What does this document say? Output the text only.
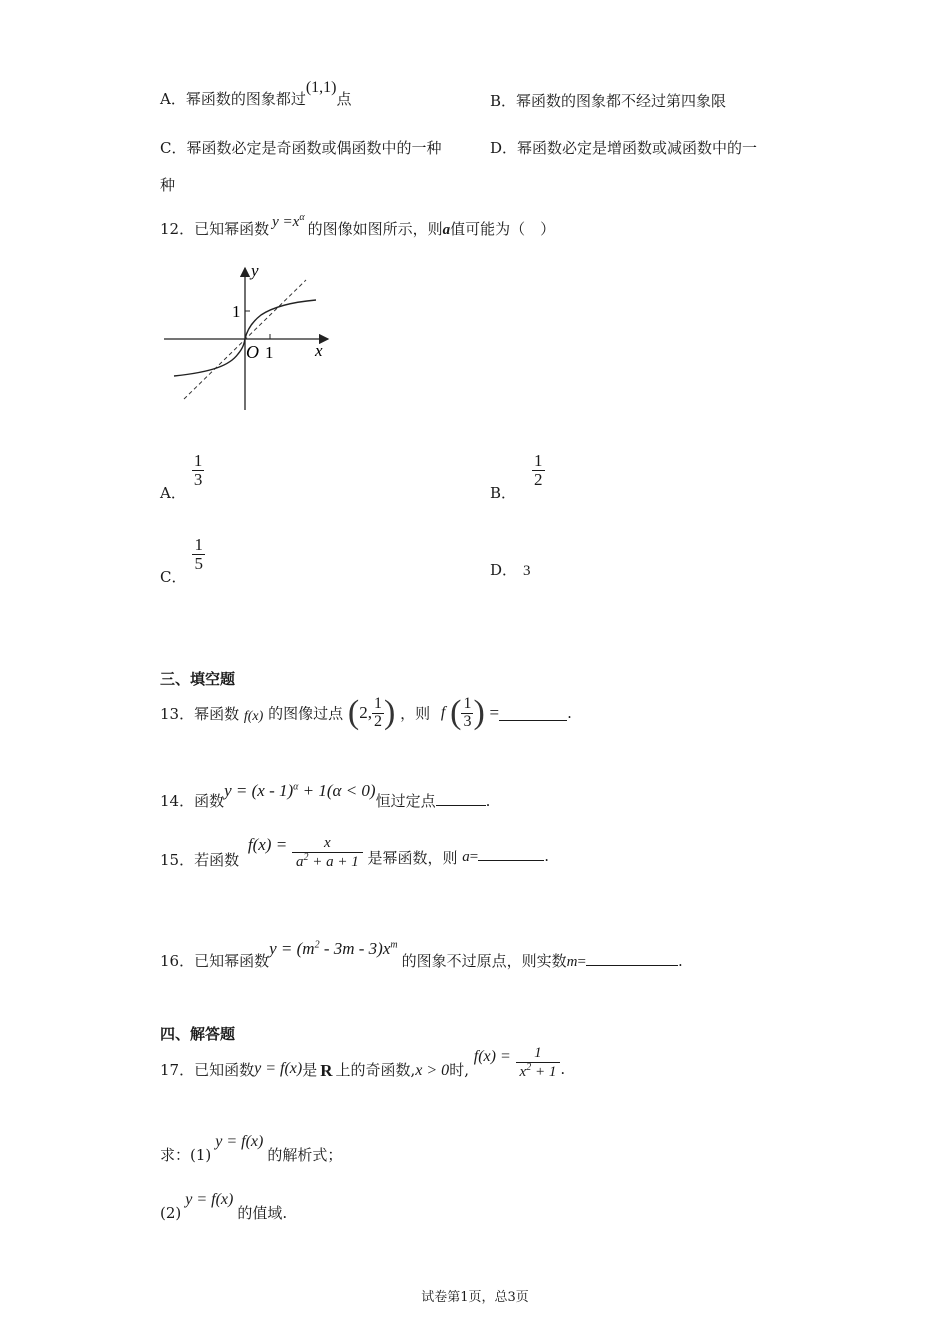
A．幂函数的图象都过(1,1)点	B．幂函数的图象都不经过第四象限
C．幂函数必定是奇函数或偶函数中的一种	D．幂函数必定是增函数或减函数中的一
种
12．已知幂函数 $y =x^\alpha$的图像如图所示，则a值可能为（　）
y
x
O 1
1
A．
$\frac{1}{3}$
B．
$\frac{1}{2}$
C．
$\frac{1}{5}$	D． 3
三、填空题
13．幂函数 f(x) 的图像过点 (2, $\frac{1}{2}$ ) ，则 f ( $\frac{1}{3}$ ) =	.
14．函数y = (x - 1)$^\alpha$ + 1(α < 0)恒过定点	.
15．若函数 $f(x) = \frac{x}{a^2 + a + 1}$ 是幂函数，则 a=	.
16．已知幂函数$y = (m^2 - 3m - 3)x^m$的图象不过原点，则实数m=	.
四、解答题
17．已知函数y = f(x)是 R 上的奇函数,x > 0时, $f(x) = \frac{1}{x^2 + 1}$ .
求：(1)y = f(x)的解析式；
(2)y = f(x)的值域.
试卷第1页，总3页
